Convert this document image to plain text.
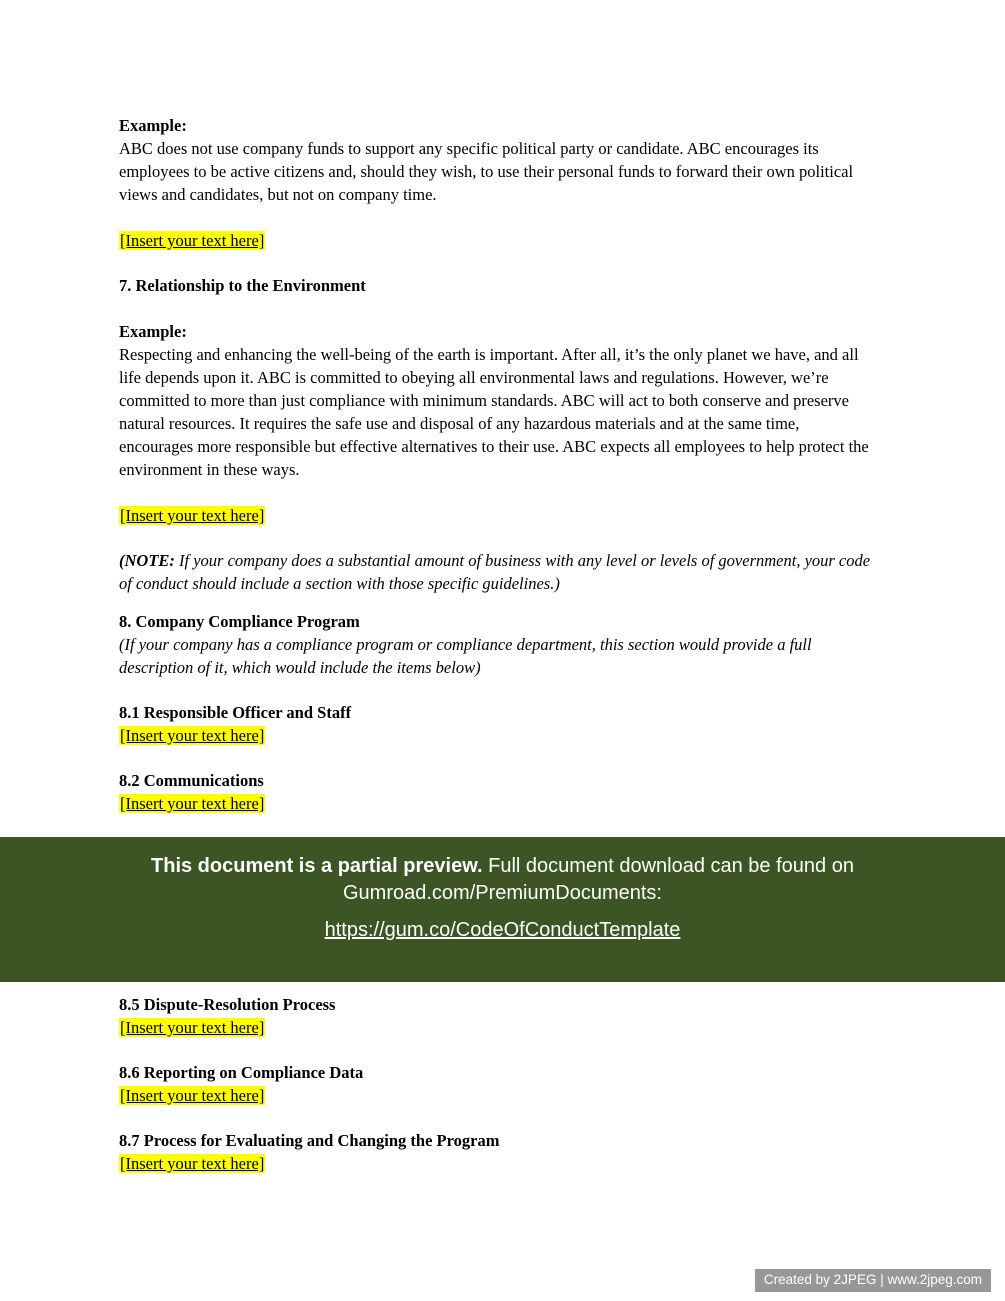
Example:
ABC does not use company funds to support any specific political party or candidate. ABC encourages its employees to be active citizens and, should they wish, to use their personal funds to forward their own political views and candidates, but not on company time.
[Insert your text here]
7. Relationship to the Environment
Example:
Respecting and enhancing the well-being of the earth is important. After all, it’s the only planet we have, and all life depends upon it. ABC is committed to obeying all environmental laws and regulations. However, we’re committed to more than just compliance with minimum standards. ABC will act to both conserve and preserve natural resources. It requires the safe use and disposal of any hazardous materials and at the same time, encourages more responsible but effective alternatives to their use. ABC expects all employees to help protect the environment in these ways.
[Insert your text here]
(NOTE: If your company does a substantial amount of business with any level or levels of government, your code of conduct should include a section with those specific guidelines.)
8. Company Compliance Program
(If your company has a compliance program or compliance department, this section would provide a full description of it, which would include the items below)
8.1 Responsible Officer and Staff
[Insert your text here]
8.2 Communications
[Insert your text here]

This document is a partial preview. Full document download can be found on Gumroad.com/PremiumDocuments:

https://gum.co/CodeOfConductTemplate
8.5 Dispute-Resolution Process
[Insert your text here]
8.6 Reporting on Compliance Data
[Insert your text here]
8.7 Process for Evaluating and Changing the Program
[Insert your text here]
Created by 2JPEG | www.2jpeg.com
